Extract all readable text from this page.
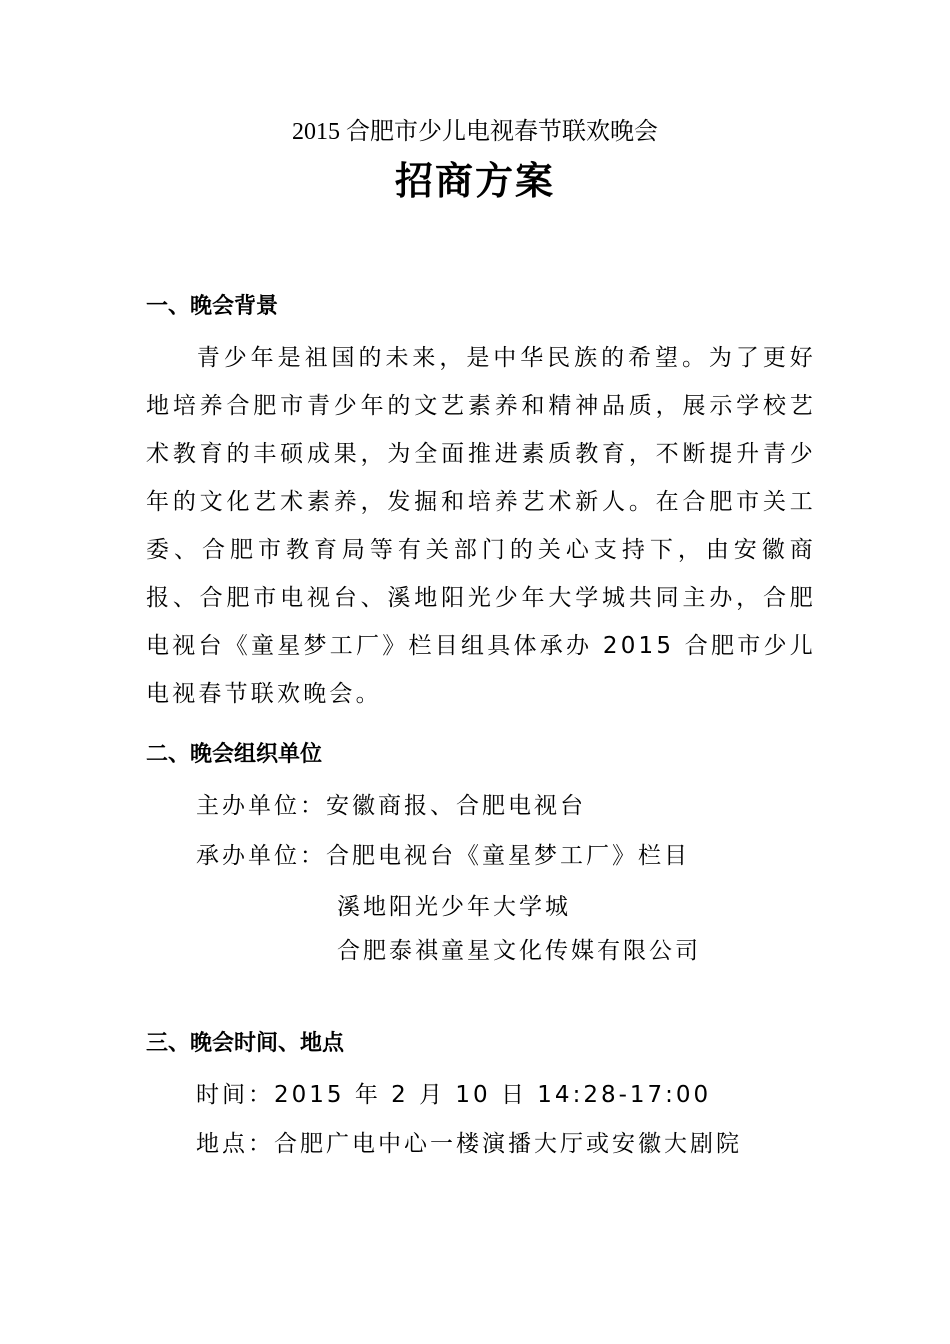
2015 合肥市少儿电视春节联欢晚会
招商方案
一、晚会背景
青少年是祖国的未来，是中华民族的希望。为了更好地培养合肥市青少年的文艺素养和精神品质，展示学校艺术教育的丰硕成果，为全面推进素质教育，不断提升青少年的文化艺术素养，发掘和培养艺术新人。在合肥市关工委、合肥市教育局等有关部门的关心支持下，由安徽商报、合肥市电视台、溪地阳光少年大学城共同主办，合肥电视台《童星梦工厂》栏目组具体承办 2015 合肥市少儿电视春节联欢晚会。
二、晚会组织单位
主办单位：安徽商报、合肥电视台
承办单位：合肥电视台《童星梦工厂》栏目
溪地阳光少年大学城
合肥泰祺童星文化传媒有限公司
三、晚会时间、地点
时间：2015 年 2 月 10 日 14:28-17:00
地点：合肥广电中心一楼演播大厅或安徽大剧院
